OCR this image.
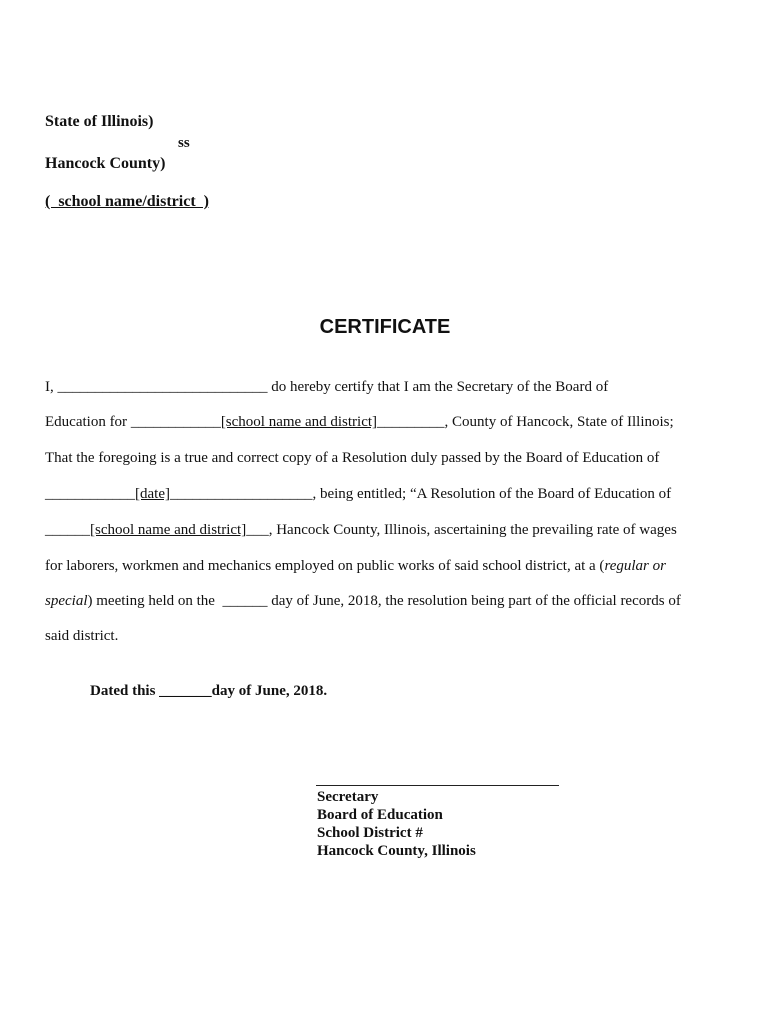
State of Illinois)
ss
Hancock County)
(  school name/district  )
CERTIFICATE
I, ____________________________ do hereby certify that I am the Secretary of the Board of
Education for ____________[school name and district]_________, County of Hancock, State of Illinois;
That the foregoing is a true and correct copy of a Resolution duly passed by the Board of Education of
____________[date]___________________, being entitled; “A Resolution of the Board of Education of
______[school name and district]___, Hancock County, Illinois, ascertaining the prevailing rate of wages
for laborers, workmen and mechanics employed on public works of said school district, at a (regular or
special) meeting held on the  ______ day of June, 2018, the resolution being part of the official records of
said district.
Dated this _______day of June, 2018.
Secretary
Board of Education
School District #
Hancock County, Illinois
